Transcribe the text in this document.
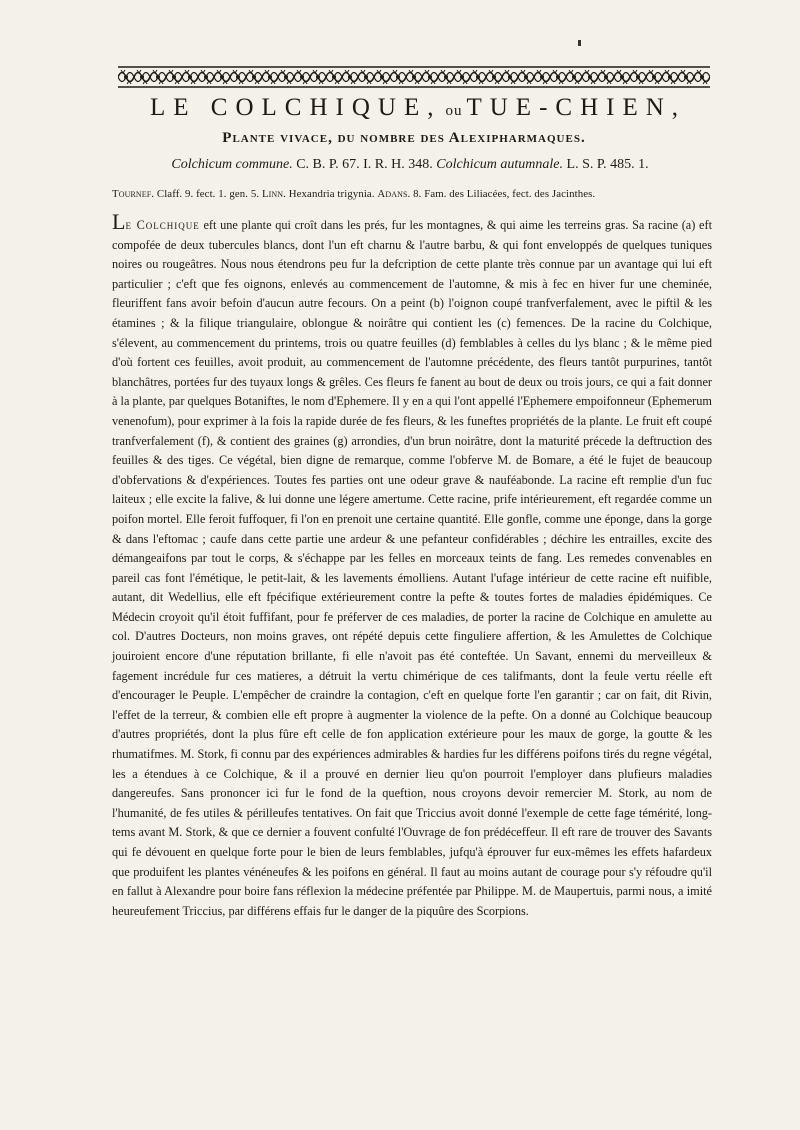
LE COLCHIQUE, ou TUE-CHIEN,
Plante vivace, du nombre des Alexipharmaques.
Colchicum commune. C. B. P. 67. I. R. H. 348. Colchicum autumnale. L. S. P. 485. 1.
Tournef. Claff. 9. fect. 1. gen. 5. Linn. Hexandria trigynia. Adans. 8. Fam. des Liliacées, fect. des Jacinthes.
Le Colchique eft une plante qui croît dans les prés, fur les montagnes, & qui aime les terreins gras. Sa racine (a) eft compofée de deux tubercules blancs, dont l'un eft charnu & l'autre barbu, & qui font enveloppés de quelques tuniques noires ou rougeâtres. Nous nous étendrons peu fur la defcription de cette plante très connue par un avantage qui lui eft particulier ; c'eft que fes oignons, enlevés au commencement de l'automne, & mis à fec en hiver fur une cheminée, fleuriffent fans avoir befoin d'aucun autre fecours. On a peint (b) l'oignon coupé tranfverfalement, avec le piftil & les étamines ; & la filique triangulaire, oblongue & noirâtre qui contient les (c) femences. De la racine du Colchique, s'élevent, au commencement du printems, trois ou quatre feuilles (d) femblables à celles du lys blanc ; & le même pied d'où fortent ces feuilles, avoit produit, au commencement de l'automne précédente, des fleurs tantôt purpurines, tantôt blanchâtres, portées fur des tuyaux longs & grêles. Ces fleurs fe fanent au bout de deux ou trois jours, ce qui a fait donner à la plante, par quelques Botaniftes, le nom d'Ephemere. Il y en a qui l'ont appellé l'Ephemere empoifonneur (Ephemerum venenofum), pour exprimer à la fois la rapide durée de fes fleurs, & les funeftes propriétés de la plante. Le fruit eft coupé tranfverfalement (f), & contient des graines (g) arrondies, d'un brun noirâtre, dont la maturité précede la deftruction des feuilles & des tiges. Ce végétal, bien digne de remarque, comme l'obferve M. de Bomare, a été le fujet de beaucoup d'obfervations & d'expériences. Toutes fes parties ont une odeur grave & nauféabonde. La racine eft remplie d'un fuc laiteux ; elle excite la falive, & lui donne une légere amertume. Cette racine, prife intérieurement, eft regardée comme un poifon mortel. Elle feroit fuffoquer, fi l'on en prenoit une certaine quantité. Elle gonfle, comme une éponge, dans la gorge & dans l'eftomac ; caufe dans cette partie une ardeur & une pefanteur confidérables ; déchire les entrailles, excite des démangeaifons par tout le corps, & s'échappe par les felles en morceaux teints de fang. Les remedes convenables en pareil cas font l'émétique, le petit-lait, & les lavements émolliens. Autant l'ufage intérieur de cette racine eft nuifible, autant, dit Wedellius, elle eft fpécifique extérieurement contre la pefte & toutes fortes de maladies épidémiques. Ce Médecin croyoit qu'il étoit fuffifant, pour fe préferver de ces maladies, de porter la racine de Colchique en amulette au col. D'autres Docteurs, non moins graves, ont répété depuis cette finguliere affertion, & les Amulettes de Colchique jouiroient encore d'une réputation brillante, fi elle n'avoit pas été conteftée. Un Savant, ennemi du merveilleux & fagement incrédule fur ces matieres, a détruit la vertu chimérique de ces talifmants, dont la feule vertu réelle eft d'encourager le Peuple. L'empêcher de craindre la contagion, c'eft en quelque forte l'en garantir ; car on fait, dit Rivin, l'effet de la terreur, & combien elle eft propre à augmenter la violence de la pefte. On a donné au Colchique beaucoup d'autres propriétés, dont la plus fûre eft celle de fon application extérieure pour les maux de gorge, la goutte & les rhumatifmes. M. Stork, fi connu par des expériences admirables & hardies fur les différens poifons tirés du regne végétal, les a étendues à ce Colchique, & il a prouvé en dernier lieu qu'on pourroit l'employer dans plufieurs maladies dangereufes. Sans prononcer ici fur le fond de la queftion, nous croyons devoir remercier M. Stork, au nom de l'humanité, de fes utiles & périlleufes tentatives. On fait que Triccius avoit donné l'exemple de cette fage témérité, long-tems avant M. Stork, & que ce dernier a fouvent confulté l'Ouvrage de fon prédéceffeur. Il eft rare de trouver des Savants qui fe dévouent en quelque forte pour le bien de leurs femblables, jufqu'à éprouver fur eux-mêmes les effets hafardeux que produifent les plantes vénéneufes & les poifons en général. Il faut au moins autant de courage pour s'y réfoudre qu'il en fallut à Alexandre pour boire fans réflexion la médecine préfentée par Philippe. M. de Maupertuis, parmi nous, a imité heureufement Triccius, par différens effais fur le danger de la piquûre des Scorpions.
